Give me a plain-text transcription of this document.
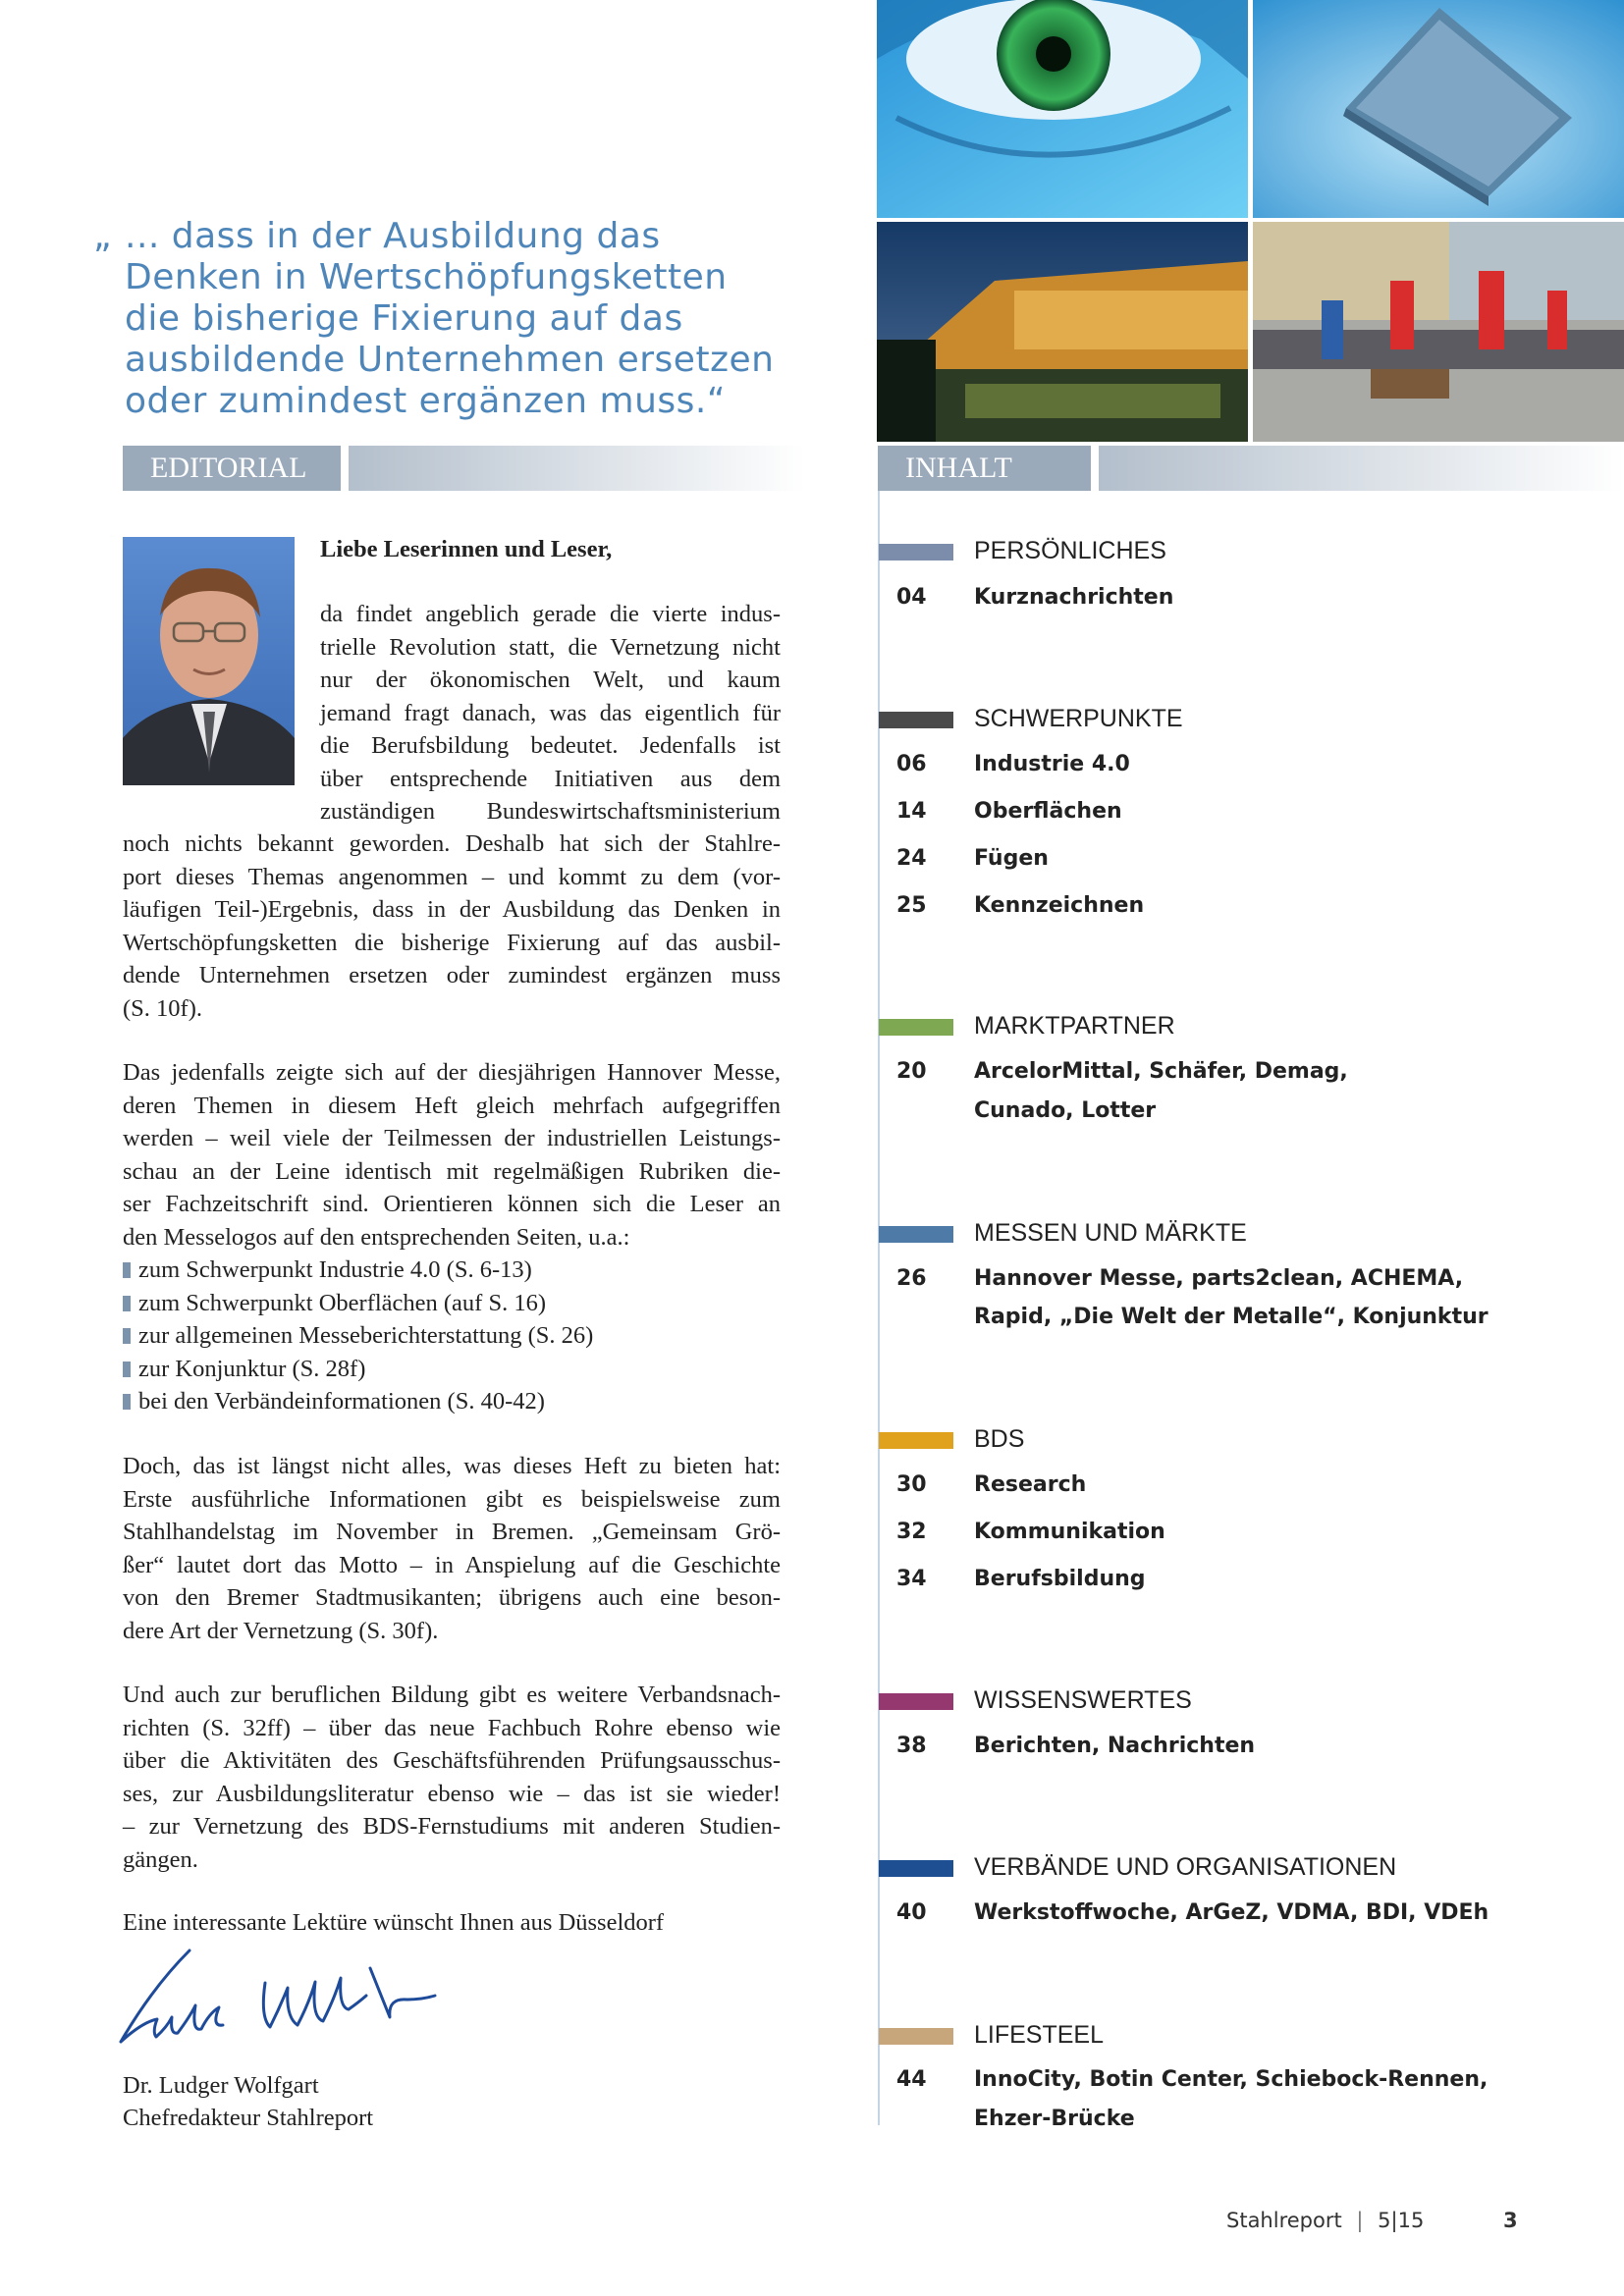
„ ... dass in der Ausbildung das
Denken in Wertschöpfungsketten
die bisherige Fixierung auf das
ausbildende Unternehmen ersetzen
oder zumindest ergänzen muss.“
EDITORIAL	INHALT
Liebe Leserinnen und Leser,
da findet angeblich gerade die vierte indus-
trielle Revolution statt, die Vernetzung nicht
nur der ökonomischen Welt, und kaum
jemand fragt danach, was das eigentlich für
die Berufsbildung bedeutet. Jedenfalls ist
über entsprechende Initiativen aus dem
zuständigen Bundeswirtschaftsministerium
noch nichts bekannt geworden. Deshalb hat sich der Stahlre-
port dieses Themas angenommen – und kommt zu dem (vor-
läufigen Teil-)Ergebnis, dass in der Ausbildung das Denken in
Wertschöpfungsketten die bisherige Fixierung auf das ausbil-
dende Unternehmen ersetzen oder zumindest ergänzen muss
(S. 10f).
Das jedenfalls zeigte sich auf der diesjährigen Hannover Messe,
deren Themen in diesem Heft gleich mehrfach aufgegriffen
werden – weil viele der Teilmessen der industriellen Leistungs-
schau an der Leine identisch mit regelmäßigen Rubriken die-
ser Fachzeitschrift sind. Orientieren können sich die Leser an
den Messelogos auf den entsprechenden Seiten, u.a.:
zum Schwerpunkt Industrie 4.0 (S. 6-13)
zum Schwerpunkt Oberflächen (auf S. 16)
zur allgemeinen Messeberichterstattung (S. 26)
zur Konjunktur (S. 28f)
bei den Verbändeinformationen (S. 40-42)
Doch, das ist längst nicht alles, was dieses Heft zu bieten hat:
Erste ausführliche Informationen gibt es beispielsweise zum
Stahlhandelstag im November in Bremen. „Gemeinsam Grö-
ßer“ lautet dort das Motto – in Anspielung auf die Geschichte
von den Bremer Stadtmusikanten; übrigens auch eine beson-
dere Art der Vernetzung (S. 30f).
Und auch zur beruflichen Bildung gibt es weitere Verbandsnach-
richten (S. 32ff) – über das neue Fachbuch Rohre ebenso wie
über die Aktivitäten des Geschäftsführenden Prüfungsausschus-
ses, zur Ausbildungsliteratur ebenso wie – das ist sie wieder!
– zur Vernetzung des BDS-Fernstudiums mit anderen Studien-
gängen.
Eine interessante Lektüre wünscht Ihnen aus Düsseldorf
Dr. Ludger Wolfgart
Chefredakteur Stahlreport
PERSÖNLICHES
04 Kurznachrichten
SCHWERPUNKTE
06 Industrie 4.0
14 Oberflächen
24 Fügen
25 Kennzeichnen
MARKTPARTNER
20 ArcelorMittal, Schäfer, Demag,
Cunado, Lotter
MESSEN UND MÄRKTE
26 Hannover Messe, parts2clean, ACHEMA,
Rapid, „Die Welt der Metalle“, Konjunktur
BDS
30 Research
32 Kommunikation
34 Berufsbildung
WISSENSWERTES
38 Berichten, Nachrichten
VERBÄNDE UND ORGANISATIONEN
40 Werkstoffwoche, ArGeZ, VDMA, BDI, VDEh
LIFESTEEL
44 InnoCity, Botin Center, Schiebock-Rennen,
Ehzer-Brücke
Stahlreport | 5|15	3
